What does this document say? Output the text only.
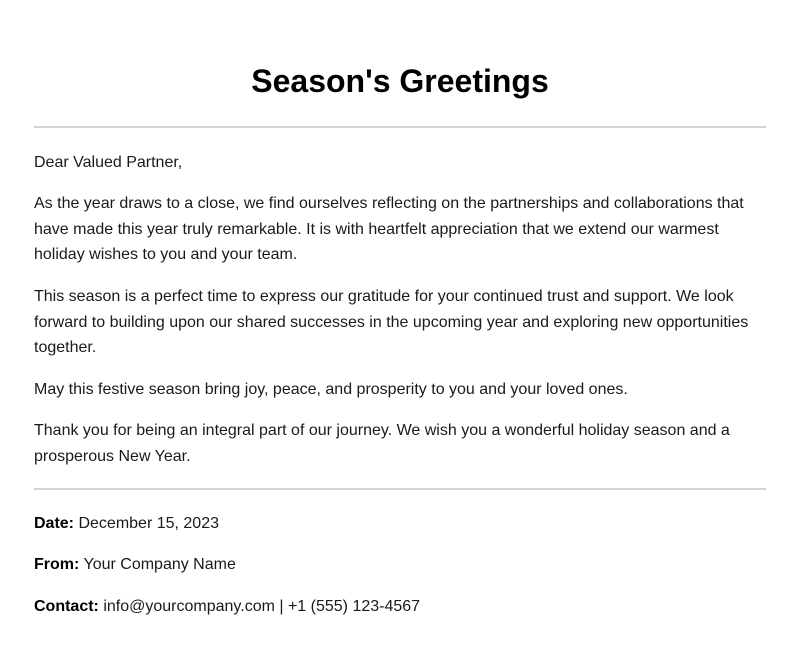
Season's Greetings

Dear Valued Partner,

As the year draws to a close, we find ourselves reflecting on the partnerships and collaborations that have made this year truly remarkable. It is with heartfelt appreciation that we extend our warmest holiday wishes to you and your team.

This season is a perfect time to express our gratitude for your continued trust and support. We look forward to building upon our shared successes in the upcoming year and exploring new opportunities together.

May this festive season bring joy, peace, and prosperity to you and your loved ones.

Thank you for being an integral part of our journey. We wish you a wonderful holiday season and a prosperous New Year.

Date: December 15, 2023

From: Your Company Name

Contact: info@yourcompany.com | +1 (555) 123-4567
